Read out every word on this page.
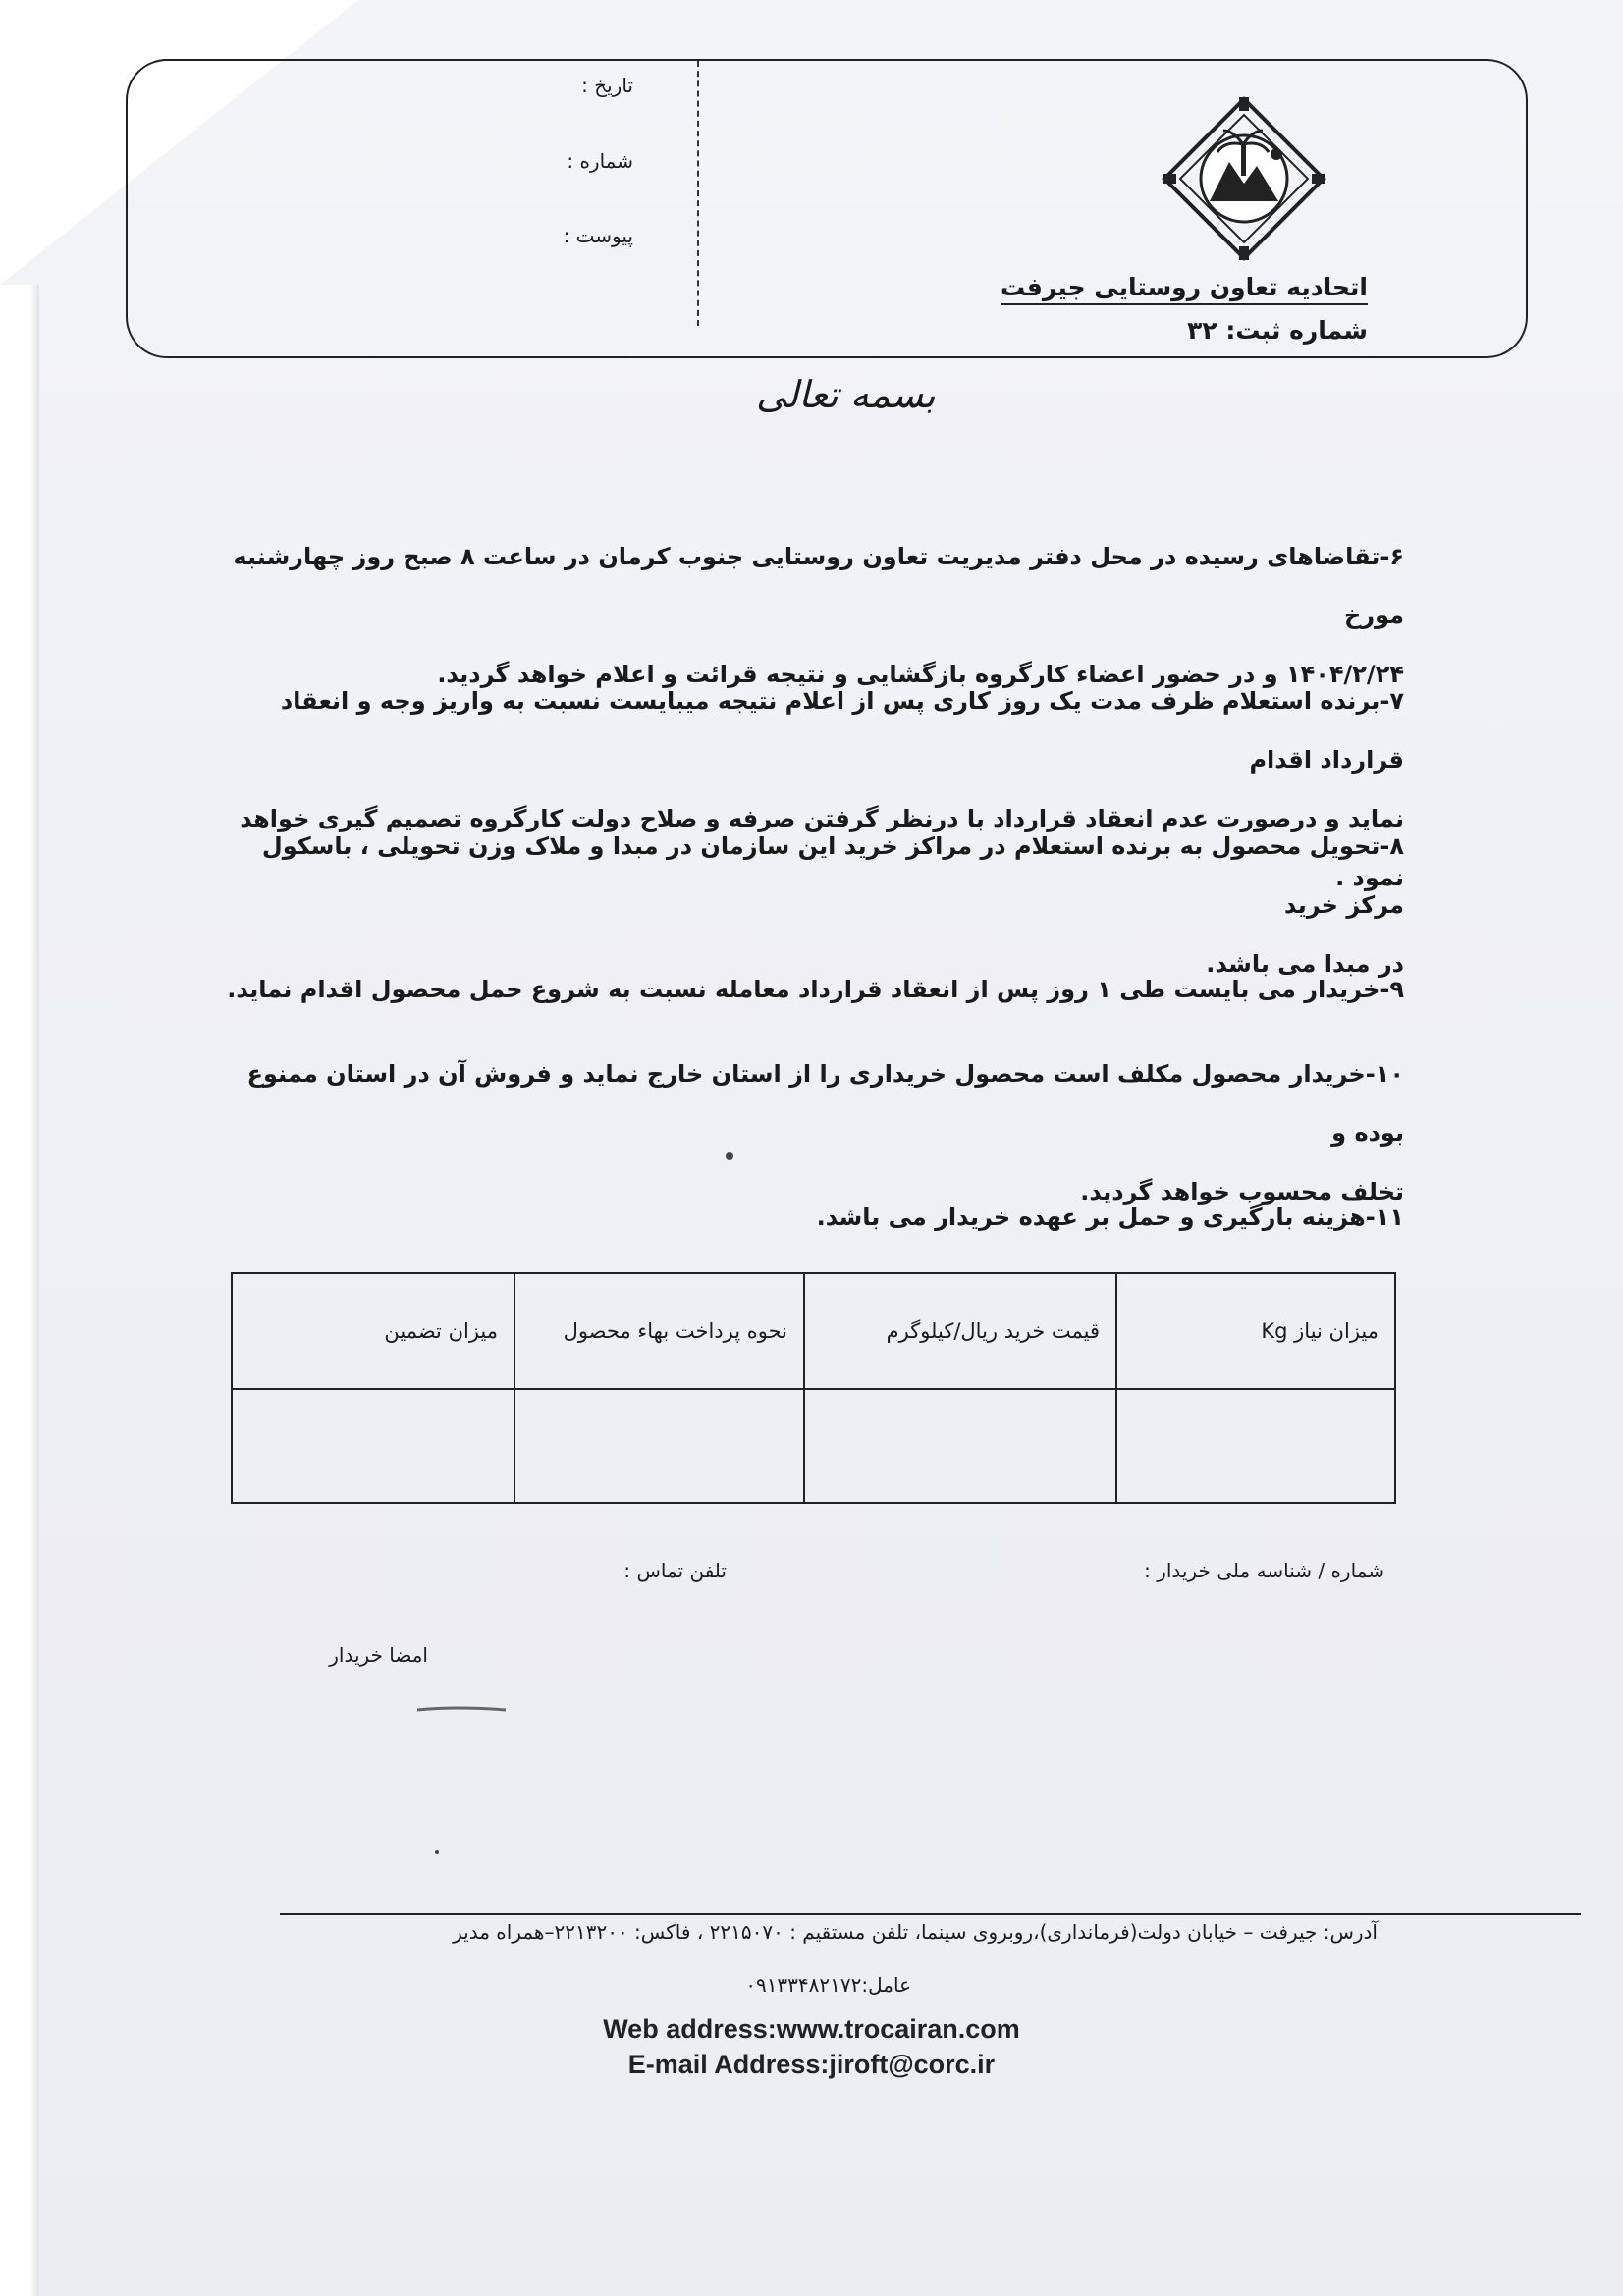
تاریخ :
شماره :
پیوست :
اتحادیه تعاون روستایی جیرفت
شماره ثبت: ۳۲
بسمه تعالی
۶-تقاضاهای رسیده در محل دفتر مدیریت تعاون روستایی جنوب کرمان در ساعت ۸ صبح روز چهارشنبه مورخ
۱۴۰۴/۲/۲۴ و در حضور اعضاء کارگروه بازگشایی و نتیجه قرائت و اعلام خواهد گردید.
۷-برنده استعلام ظرف مدت یک روز کاری پس از اعلام نتیجه میبایست نسبت به واریز وجه و انعقاد قرارداد اقدام
نماید و درصورت عدم انعقاد قرارداد با درنظر گرفتن صرفه و صلاح دولت کارگروه تصمیم گیری خواهد نمود .
۸-تحویل محصول به برنده استعلام در مراکز خرید این سازمان در مبدا و ملاک وزن تحویلی ، باسکول مرکز خرید
در مبدا می باشد.
۹-خریدار می بایست طی ۱ روز پس از انعقاد قرارداد معامله نسبت به شروع حمل محصول اقدام نماید.
۱۰-خریدار محصول مکلف است محصول خریداری را از استان خارج نماید و فروش آن در استان ممنوع بوده و
تخلف محسوب خواهد گردید.
۱۱-هزینه بارگیری و حمل بر عهده خریدار می باشد.
میزان نیاز Kg	قیمت خرید ریال/کیلوگرم	نحوه پرداخت بهاء محصول	میزان تضمین

شماره / شناسه ملی خریدار :
تلفن تماس :
امضا خریدار
آدرس: جیرفت – خیابان دولت(فرمانداری)،روبروی سینما، تلفن مستقیم : ۲۲۱۵۰۷۰ ، فاکس: ۲۲۱۳۲۰۰–همراه مدیر
عامل:۰۹۱۳۳۴۸۲۱۷۲
Web address:www.trocairan.com
E-mail Address:jiroft@corc.ir
